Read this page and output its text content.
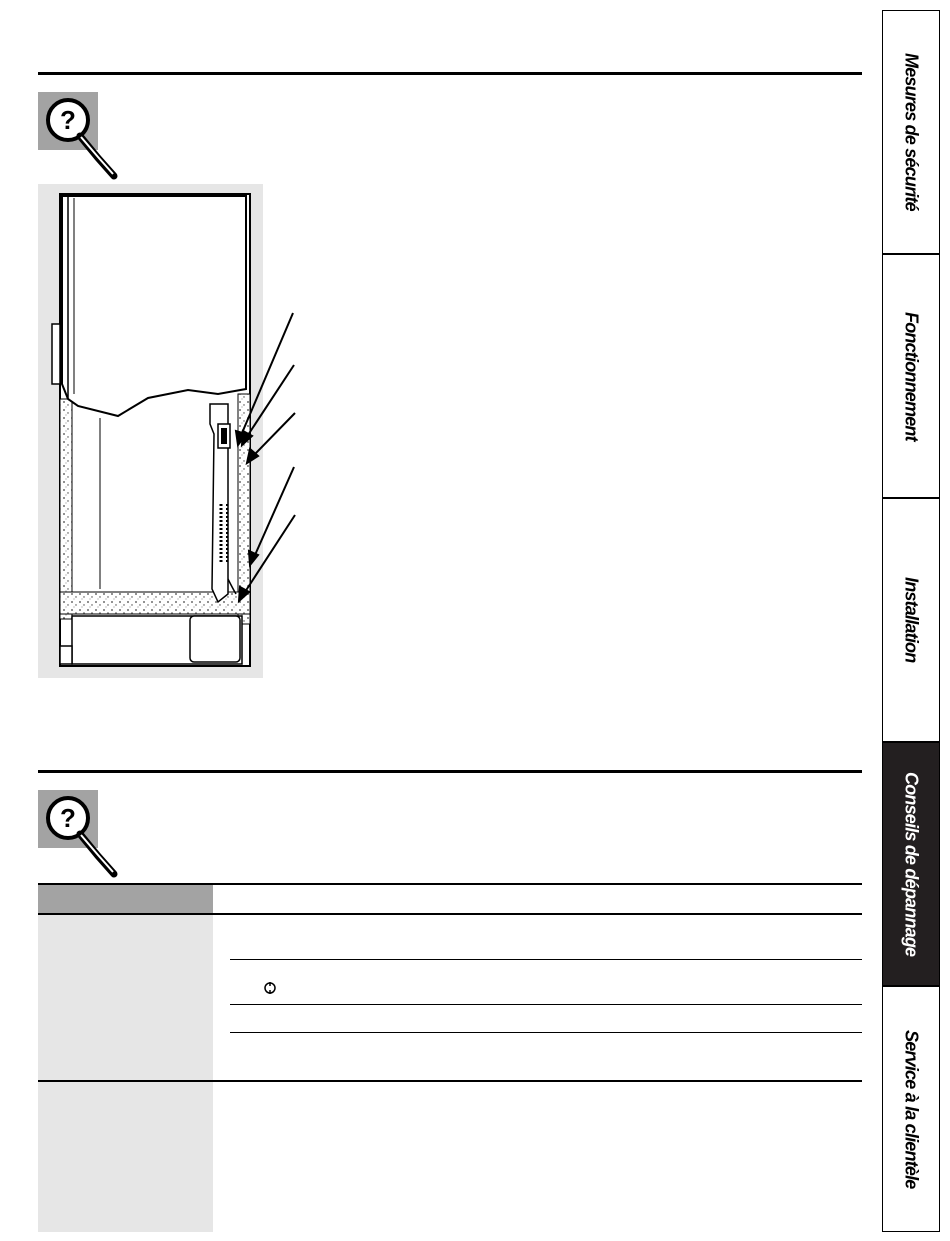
?
?
Mesures de sécurité
Fonctionnement
Installation
Conseils de dépannage
Service à la clientèle
